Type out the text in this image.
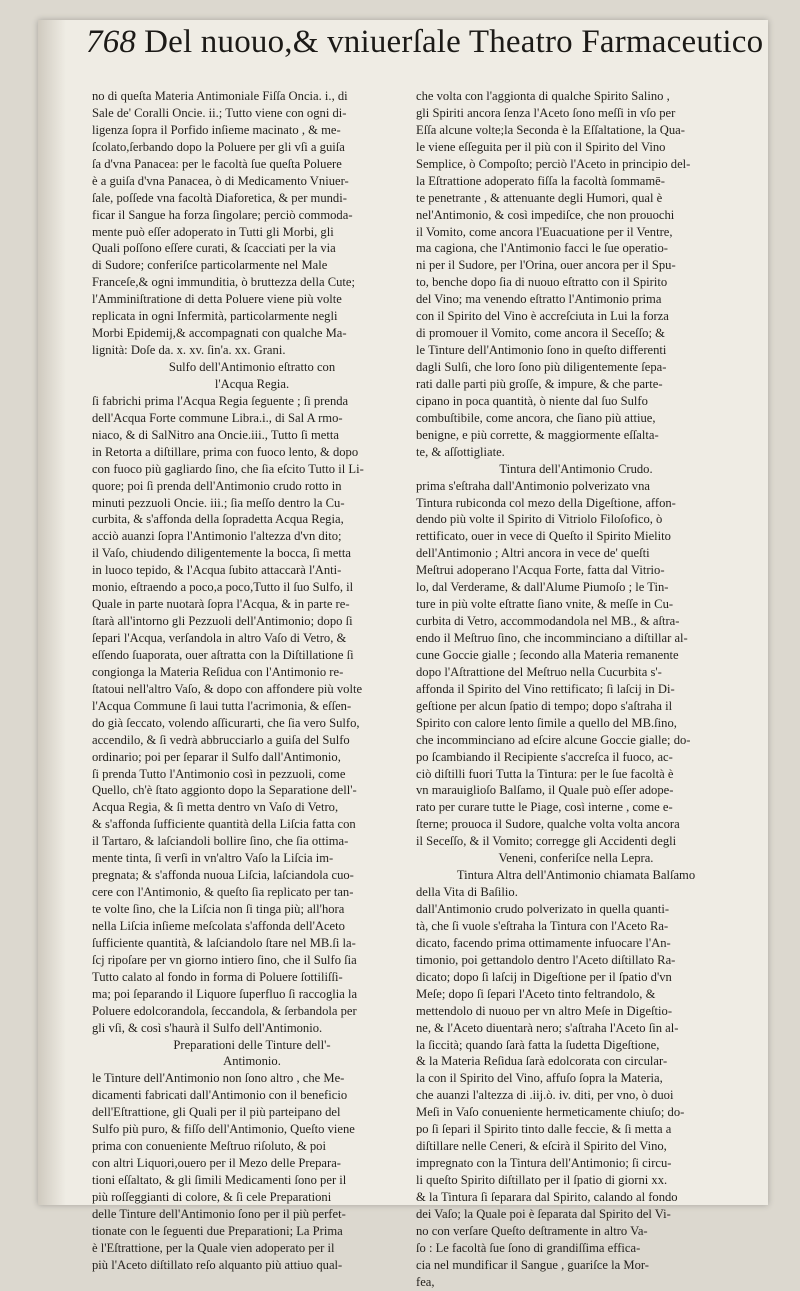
768 Del nuouo,& vniuerſale Theatro Farmaceutico
no di queſta Materia Antimoniale Fiſſa Oncia. i., di
Sale de' Coralli Oncie. ii.; Tutto viene con ogni di-
ligenza ſopra il Porfido inſieme macinato , & me-
ſcolato,ſerbando dopo la Poluere per gli vſi a guiſa
ſa d'vna Panacea: per le facoltà ſue queſta Poluere
è a guiſa d'vna Panacea, ò di Medicamento Vniuer-
ſale, poſſede vna facoltà Diaforetica, & per mundi-
ficar il Sangue ha forza ſingolare; perciò commoda-
mente può eſſer adoperato in Tutti gli Morbi, gli
Quali poſſono eſſere curati, & ſcacciati per la via
di Sudore; conferiſce particolarmente nel Male
Franceſe,& ogni immunditia, ò bruttezza della Cute;
l'Amminiſtratione di detta Poluere viene più volte
replicata in ogni Infermità, particolarmente negli
Morbi Epidemij,& accompagnati con qualche Ma-
lignità: Doſe da. x. xv. ſin'a. xx. Grani.
Sulfo dell'Antimonio eſtratto con
l'Acqua Regia.
ſi fabrichi prima l'Acqua Regia ſeguente ; ſi prenda
dell'Acqua Forte commune Libra.i., di Sal A rmo-
niaco, & di SalNitro ana Oncie.iii., Tutto ſi metta
in Retorta a diſtillare, prima con fuoco lento, & dopo
con fuoco più gagliardo ſino, che ſia eſcito Tutto il Li-
quore; poi ſi prenda dell'Antimonio crudo rotto in
minuti pezzuoli Oncie. iii.; ſia meſſo dentro la Cu-
curbita, & s'affonda della ſopradetta Acqua Regia,
acciò auanzi ſopra l'Antimonio l'altezza d'vn dito;
il Vaſo, chiudendo diligentemente la bocca, ſi metta
in luoco tepido, & l'Acqua ſubito attaccarà l'Anti-
monio, eſtraendo a poco,a poco,Tutto il ſuo Sulfo, il
Quale in parte nuotarà ſopra l'Acqua, & in parte re-
ſtarà all'intorno gli Pezzuoli dell'Antimonio; dopo ſi
ſepari l'Acqua, verſandola in altro Vaſo di Vetro, &
eſſendo ſuaporata, ouer aſtratta con la Diſtillatione ſi
congionga la Materia Reſidua con l'Antimonio re-
ſtatoui nell'altro Vaſo, & dopo con affondere più volte
l'Acqua Commune ſi laui tutta l'acrimonia, & eſſen-
do già ſeccato, volendo aſſicurarti, che ſia vero Sulfo,
accendilo, & ſi vedrà abbrucciarlo a guiſa del Sulfo
ordinario; poi per ſeparar il Sulfo dall'Antimonio,
ſi prenda Tutto l'Antimonio così in pezzuoli, come
Quello, ch'è ſtato aggionto dopo la Separatione dell'-
Acqua Regia, & ſi metta dentro vn Vaſo di Vetro,
& s'affonda ſufficiente quantità della Liſcia fatta con
il Tartaro, & laſciandoli bollire ſino, che ſia ottima-
mente tinta, ſi verſi in vn'altro Vaſo la Liſcia im-
pregnata; & s'affonda nuoua Liſcia, laſciandola cuo-
cere con l'Antimonio, & queſto ſia replicato per tan-
te volte ſino, che la Liſcia non ſi tinga più; all'hora
nella Liſcia inſieme meſcolata s'affonda dell'Aceto
ſufficiente quantità, & laſciandolo ſtare nel MB.ſi la-
ſcj ripoſare per vn giorno intiero ſino, che il Sulfo ſia
Tutto calato al fondo in forma di Poluere ſottiliſſi-
ma; poi ſeparando il Liquore ſuperfluo ſi raccoglia la
Poluere edolcorandola, ſeccandola, & ſerbandola per
gli vſi, & così s'haurà il Sulfo dell'Antimonio.
Preparationi delle Tinture dell'-
Antimonio.
le Tinture dell'Antimonio non ſono altro , che Me-
dicamenti fabricati dall'Antimonio con il beneficio
dell'Eſtrattione, gli Quali per il più parteipano del
Sulfo più puro, & fiſſo dell'Antimonio, Queſto viene
prima con conueniente Meſtruo riſoluto, & poi
con altri Liquori,ouero per il Mezo delle Prepara-
tioni eſſaltato, & gli ſimili Medicamenti ſono per il
più roſſeggianti di colore, & ſi cele Preparationi
delle Tinture dell'Antimonio ſono per il più perfet-
tionate con le ſeguenti due Preparationi; La Prima
è l'Eſtrattione, per la Quale vien adoperato per il
più l'Aceto diſtillato reſo alquanto più attiuo qual-
che volta con l'aggionta di qualche Spirito Salino ,
gli Spiriti ancora ſenza l'Aceto ſono meſſi in vſo per
Eſſa alcune volte;la Seconda è la Eſſaltatione, la Qua-
le viene eſſeguita per il più con il Spirito del Vino
Semplice, ò Compoſto; perciò l'Aceto in principio del-
la Eſtrattione adoperato fiſſa la facoltà ſommamē-
te penetrante , & attenuante degli Humori, qual è
nel'Antimonio, & così impediſce, che non prouochi
il Vomito, come ancora l'Euacuatione per il Ventre,
ma cagiona, che l'Antimonio facci le ſue operatio-
ni per il Sudore, per l'Orina, ouer ancora per il Spu-
to, benche dopo ſia di nuouo eſtratto con il Spirito
del Vino; ma venendo eſtratto l'Antimonio prima
con il Spirito del Vino è accreſciuta in Lui la forza
di promouer il Vomito, come ancora il Seceſſo; &
le Tinture dell'Antimonio ſono in queſto differenti
dagli Sulſi, che loro ſono più diligentemente ſepa-
rati dalle parti più groſſe, & impure, & che parte-
cipano in poca quantità, ò niente dal ſuo Sulfo
combuſtibile, come ancora, che ſiano più attiue,
benigne, e più corrette, & maggiormente eſſalta-
te, & aſſottigliate.
Tintura dell'Antimonio Crudo.
prima s'eſtraha dall'Antimonio polverizato vna
Tintura rubiconda col mezo della Digeſtione, affon-
dendo più volte il Spirito di Vitriolo Filoſofico, ò
rettificato, ouer in vece di Queſto il Spirito Mielito
dell'Antimonio ; Altri ancora in vece de' queſti
Meſtrui adoperano l'Acqua Forte, fatta dal Vitrio-
lo, dal Verderame, & dall'Alume Piumoſo ; le Tin-
ture in più volte eſtratte ſiano vnite, & meſſe in Cu-
curbita di Vetro, accommodandola nel MB., & aſtra-
endo il Meſtruo ſino, che incomminciano a diſtillar al-
cune Goccie gialle ; ſecondo alla Materia remanente
dopo l'Aſtrattione del Meſtruo nella Cucurbita s'-
affonda il Spirito del Vino rettificato; ſi laſcij in Di-
geſtione per alcun ſpatio di tempo; dopo s'aſtraha il
Spirito con calore lento ſimile a quello del MB.ſino,
che incomminciano ad eſcire alcune Goccie gialle; do-
po ſcambiando il Recipiente s'accreſca il fuoco, ac-
ciò diſtilli fuori Tutta la Tintura: per le ſue facoltà è
vn marauiglioſo Balſamo, il Quale può eſſer adope-
rato per curare tutte le Piage, così interne , come e-
ſterne; prouoca il Sudore, qualche volta volta ancora
il Seceſſo, & il Vomito; corregge gli Accidenti degli
Veneni, conferiſce nella Lepra.
Tintura Altra dell'Antimonio chiamata Balſamo
della Vita di Baſilio.
dall'Antimonio crudo polverizato in quella quanti-
tà, che ſi vuole s'eſtraha la Tintura con l'Aceto Ra-
dicato, facendo prima ottimamente infuocare l'An-
timonio, poi gettandolo dentro l'Aceto diſtillato Ra-
dicato; dopo ſi laſcij in Digeſtione per il ſpatio d'vn
Meſe; dopo ſi ſepari l'Aceto tinto feltrandolo, &
mettendolo di nuouo per vn altro Meſe in Digeſtio-
ne, & l'Aceto diuentarà nero; s'aſtraha l'Aceto ſin al-
la ſiccità; quando ſarà fatta la ſudetta Digeſtione,
& la Materia Reſidua ſarà edolcorata con circular-
la con il Spirito del Vino, affuſo ſopra la Materia,
che auanzi l'altezza di .iij.ò. iv. diti, per vno, ò duoi
Meſi in Vaſo conueniente hermeticamente chiuſo; do-
po ſi ſepari il Spirito tinto dalle feccie, & ſi metta a
diſtillare nelle Ceneri, & eſcirà il Spirito del Vino,
impregnato con la Tintura dell'Antimonio; ſi circu-
li queſto Spirito diſtillato per il ſpatio di giorni xx.
& la Tintura ſi ſeparara dal Spirito, calando al fondo
dei Vaſo; la Quale poi è ſeparata dal Spirito del Vi-
no con verſare Queſto deſtramente in altro Va-
ſo : Le facoltà ſue ſono di grandiſſima effica-
cia nel mundificar il Sangue , guariſce la Mor-
fea,
